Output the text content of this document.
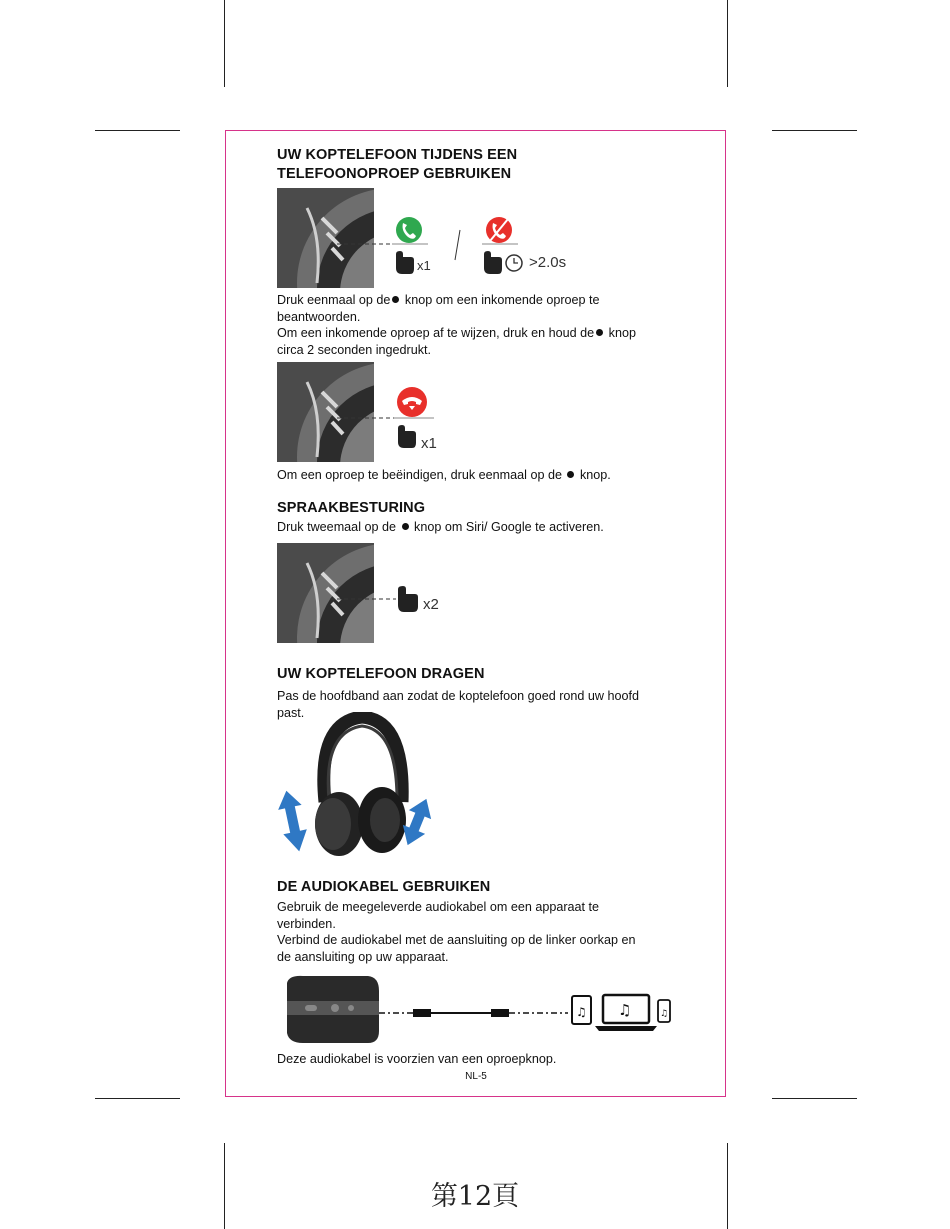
UW KOPTELEFOON TIJDENS EEN
TELEFOONOPROEP GEBRUIKEN
x1	>2.0s
Druk eenmaal op de knop om een inkomende oproep te
beantwoorden.
Om een inkomende oproep af te wijzen, druk en houd de knop
circa 2 seconden ingedrukt.
x1
Om een oproep te beëindigen, druk eenmaal op de knop.
SPRAAKBESTURING
Druk tweemaal op de knop om Siri/ Google te activeren.
x2
UW KOPTELEFOON DRAGEN
Pas de hoofdband aan zodat de koptelefoon goed rond uw hoofd
past.
DE AUDIOKABEL GEBRUIKEN
Gebruik de meegeleverde audiokabel om een apparaat te
verbinden.
Verbind de audiokabel met de aansluiting op de linker oorkap en
de aansluiting op uw apparaat.
♫ ♫	♫
Deze audiokabel is voorzien van een oproepknop.
NL-5
第12頁
